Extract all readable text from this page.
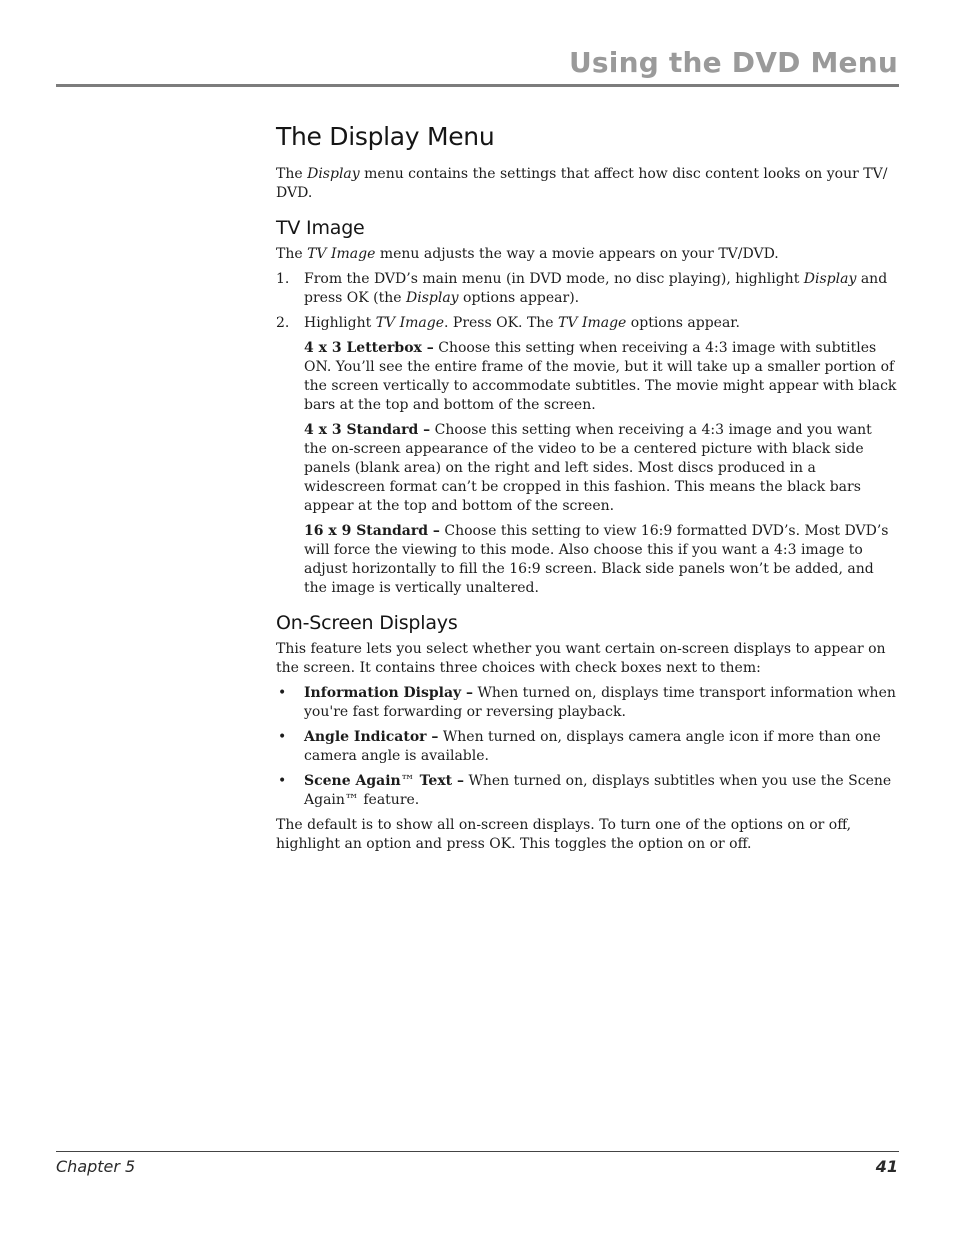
Using the DVD Menu
The Display Menu

The Display menu contains the settings that affect how disc content looks on your TV/ DVD.

TV Image

The TV Image menu adjusts the way a movie appears on your TV/DVD.

1. From the DVD’s main menu (in DVD mode, no disc playing), highlight Display and press OK (the Display options appear).
2. Highlight TV Image. Press OK. The TV Image options appear.

4 x 3 Letterbox – Choose this setting when receiving a 4:3 image with subtitles ON. You’ll see the entire frame of the movie, but it will take up a smaller portion of the screen vertically to accommodate subtitles. The movie might appear with black bars at the top and bottom of the screen.

4 x 3 Standard – Choose this setting when receiving a 4:3 image and you want the on-screen appearance of the video to be a centered picture with black side panels (blank area) on the right and left sides. Most discs produced in a widescreen format can’t be cropped in this fashion. This means the black bars appear at the top and bottom of the screen.

16 x 9 Standard – Choose this setting to view 16:9 formatted DVD’s. Most DVD’s will force the viewing to this mode. Also choose this if you want a 4:3 image to adjust horizontally to fill the 16:9 screen. Black side panels won’t be added, and the image is vertically unaltered.

On-Screen Displays

This feature lets you select whether you want certain on-screen displays to appear on the screen. It contains three choices with check boxes next to them:

• Information Display – When turned on, displays time transport information when you're fast forwarding or reversing playback.
• Angle Indicator – When turned on, displays camera angle icon if more than one camera angle is available.
• Scene Again™ Text – When turned on, displays subtitles when you use the Scene Again™ feature.

The default is to show all on-screen displays. To turn one of the options on or off, highlight an option and press OK. This toggles the option on or off.

Chapter 5	41
